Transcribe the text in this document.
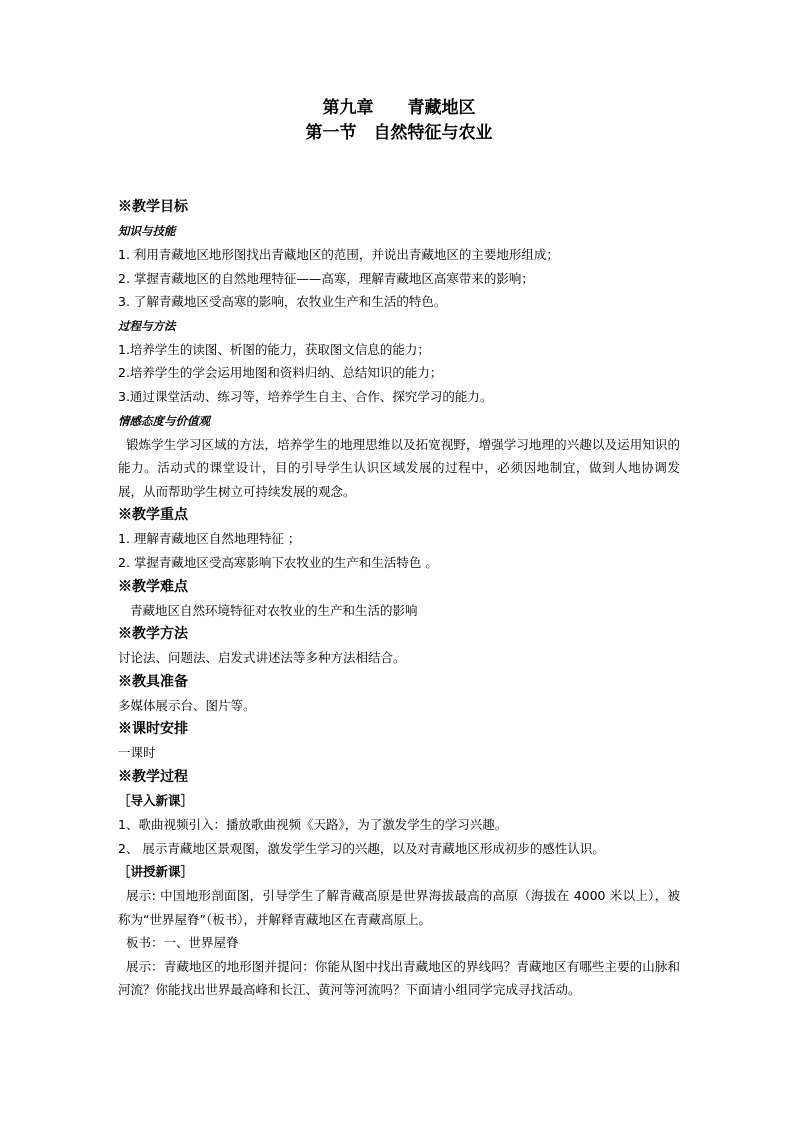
第九章　　青藏地区
第一节　自然特征与农业

※教学目标

知识与技能

1. 利用青藏地区地形图找出青藏地区的范围，并说出青藏地区的主要地形组成；

2. 掌握青藏地区的自然地理特征——高寒，理解青藏地区高寒带来的影响；

3. 了解青藏地区受高寒的影响，农牧业生产和生活的特色。

过程与方法

1.培养学生的读图、析图的能力，获取图文信息的能力；

2.培养学生的学会运用地图和资料归纳、总结知识的能力；

3.通过课堂活动、练习等，培养学生自主、合作、探究学习的能力。

情感态度与价值观

锻炼学生学习区域的方法，培养学生的地理思维以及拓宽视野，增强学习地理的兴趣以及运用知识的能力。活动式的课堂设计，目的引导学生认识区域发展的过程中，必须因地制宜，做到人地协调发展，从而帮助学生树立可持续发展的观念。

※教学重点

1. 理解青藏地区自然地理特征 ；

2. 掌握青藏地区受高寒影响下农牧业的生产和生活特色 。

※教学难点

青藏地区自然环境特征对农牧业的生产和生活的影响

※教学方法

讨论法、问题法、启发式讲述法等多种方法相结合。

※教具准备

多媒体展示台、图片等。

※课时安排

一课时

※教学过程

［导入新课］

1、歌曲视频引入：播放歌曲视频《天路》，为了激发学生的学习兴趣。

2、 展示青藏地区景观图，激发学生学习的兴趣，以及对青藏地区形成初步的感性认识。

［讲授新课］

展示: 中国地形剖面图，引导学生了解青藏高原是世界海拔最高的高原（海拔在 4000 米以上），被称为“世界屋脊”（板书），并解释青藏地区在青藏高原上。

板书：一、世界屋脊

展示：青藏地区的地形图并提问：你能从图中找出青藏地区的界线吗？青藏地区有哪些主要的山脉和河流？你能找出世界最高峰和长江、黄河等河流吗？下面请小组同学完成寻找活动。
